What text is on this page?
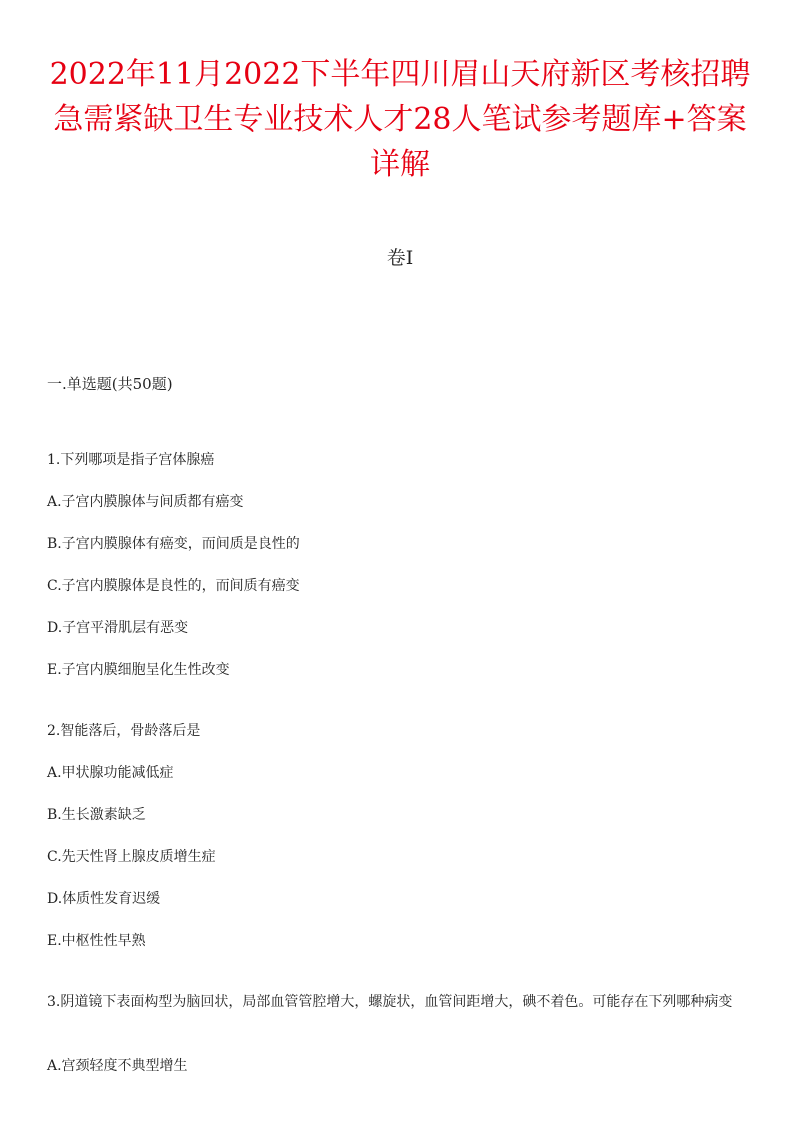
2022年11月2022下半年四川眉山天府新区考核招聘急需紧缺卫生专业技术人才28人笔试参考题库+答案详解
卷I
一.单选题(共50题)
1.下列哪项是指子宫体腺癌
A.子宫内膜腺体与间质都有癌变
B.子宫内膜腺体有癌变，而间质是良性的
C.子宫内膜腺体是良性的，而间质有癌变
D.子宫平滑肌层有恶变
E.子宫内膜细胞呈化生性改变
2.智能落后，骨龄落后是
A.甲状腺功能减低症
B.生长激素缺乏
C.先天性肾上腺皮质增生症
D.体质性发育迟缓
E.中枢性性早熟
3.阴道镜下表面构型为脑回状，局部血管管腔增大，螺旋状，血管间距增大，碘不着色。可能存在下列哪种病变
A.宫颈轻度不典型增生
